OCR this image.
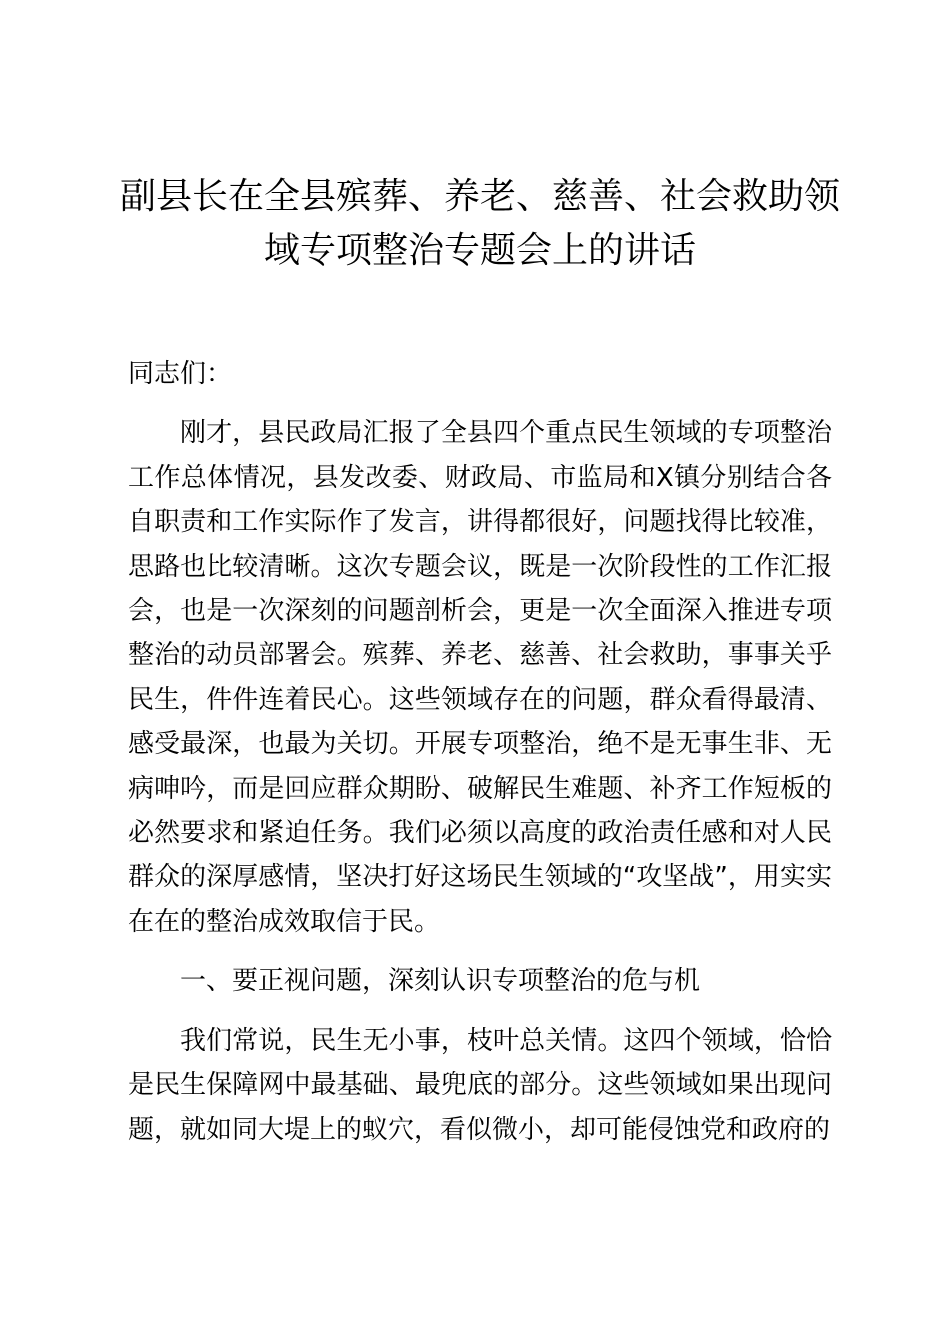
副县长在全县殡葬、养老、慈善、社会救助领
域专项整治专题会上的讲话

同志们：

刚才，县民政局汇报了全县四个重点民生领域的专项整治工作总体情况，县发改委、财政局、市监局和X镇分别结合各自职责和工作实际作了发言，讲得都很好，问题找得比较准，思路也比较清晰。这次专题会议，既是一次阶段性的工作汇报会，也是一次深刻的问题剖析会，更是一次全面深入推进专项整治的动员部署会。殡葬、养老、慈善、社会救助，事事关乎民生，件件连着民心。这些领域存在的问题，群众看得最清、感受最深，也最为关切。开展专项整治，绝不是无事生非、无病呻吟，而是回应群众期盼、破解民生难题、补齐工作短板的必然要求和紧迫任务。我们必须以高度的政治责任感和对人民群众的深厚感情，坚决打好这场民生领域的“攻坚战”，用实实在在的整治成效取信于民。

一、要正视问题，深刻认识专项整治的危与机

我们常说，民生无小事，枝叶总关情。这四个领域，恰恰是民生保障网中最基础、最兜底的部分。这些领域如果出现问题，就如同大堤上的蚁穴，看似微小，却可能侵蚀党和政府的
